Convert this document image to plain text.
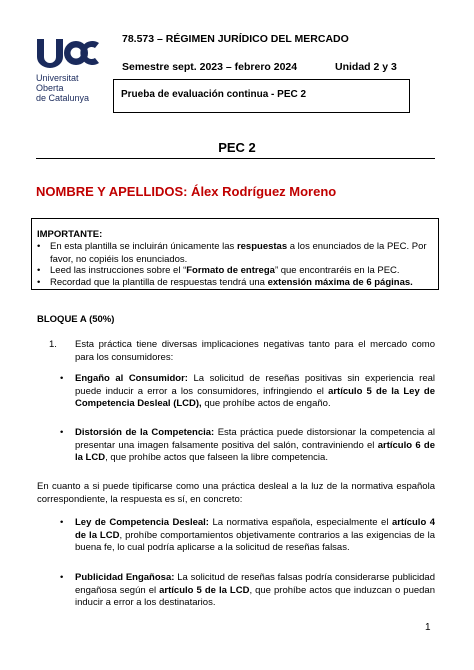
Universitat
Oberta
de Catalunya
78.573 – RÉGIMEN JURÍDICO DEL MERCADO
Semestre sept. 2023 – febrero 2024	Unidad 2 y 3
Prueba de evaluación continua - PEC 2
PEC 2
NOMBRE Y APELLIDOS: Álex Rodríguez Moreno
IMPORTANTE:
• En esta plantilla se incluirán únicamente las respuestas a los enunciados de la PEC. Por favor, no copiéis los enunciados.
• Leed las instrucciones sobre el “Formato de entrega” que encontraréis en la PEC.
• Recordad que la plantilla de respuestas tendrá una extensión máxima de 6 páginas.
BLOQUE A (50%)
1. Esta práctica tiene diversas implicaciones negativas tanto para el mercado como para los consumidores:
• Engaño al Consumidor: La solicitud de reseñas positivas sin experiencia real puede inducir a error a los consumidores, infringiendo el artículo 5 de la Ley de Competencia Desleal (LCD), que prohíbe actos de engaño.
• Distorsión de la Competencia: Esta práctica puede distorsionar la competencia al presentar una imagen falsamente positiva del salón, contraviniendo el artículo 6 de la LCD, que prohíbe actos que falseen la libre competencia.
En cuanto a si puede tipificarse como una práctica desleal a la luz de la normativa española correspondiente, la respuesta es sí, en concreto:
• Ley de Competencia Desleal: La normativa española, especialmente el artículo 4 de la LCD, prohíbe comportamientos objetivamente contrarios a las exigencias de la buena fe, lo cual podría aplicarse a la solicitud de reseñas falsas.
• Publicidad Engañosa: La solicitud de reseñas falsas podría considerarse publicidad engañosa según el artículo 5 de la LCD, que prohíbe actos que induzcan o puedan inducir a error a los destinatarios.
1
